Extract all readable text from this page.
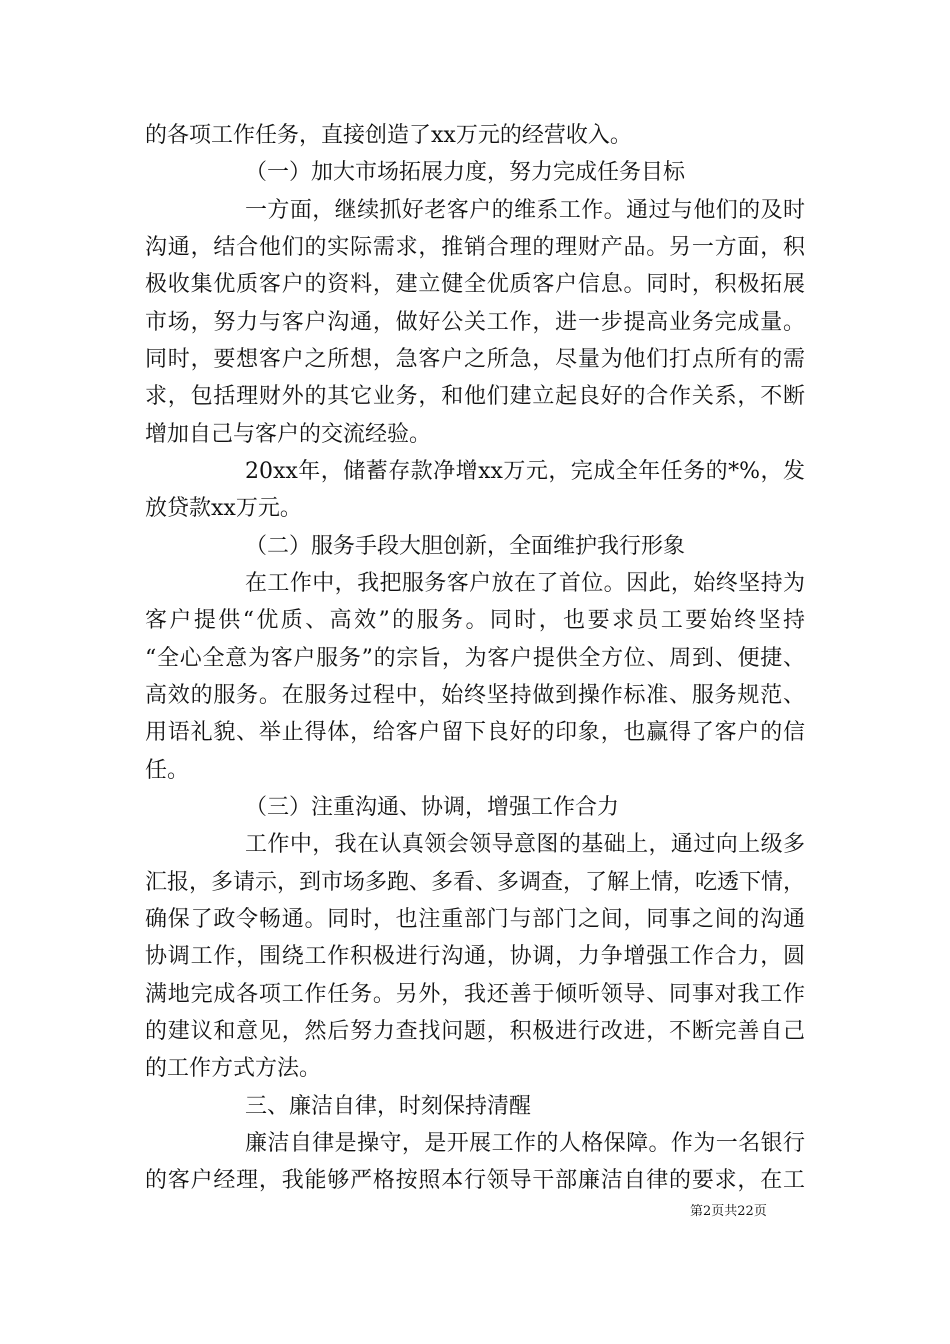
的各项工作任务，直接创造了xx万元的经营收入。
（一）加大市场拓展力度，努力完成任务目标
一方面，继续抓好老客户的维系工作。通过与他们的及时
沟通，结合他们的实际需求，推销合理的理财产品。另一方面，积
极收集优质客户的资料，建立健全优质客户信息。同时，积极拓展
市场，努力与客户沟通，做好公关工作，进一步提高业务完成量。
同时，要想客户之所想，急客户之所急，尽量为他们打点所有的需
求，包括理财外的其它业务，和他们建立起良好的合作关系，不断
增加自己与客户的交流经验。
20xx年，储蓄存款净增xx万元，完成全年任务的*%，发
放贷款xx万元。
（二）服务手段大胆创新，全面维护我行形象
在工作中，我把服务客户放在了首位。因此，始终坚持为
客户提供“优质、高效”的服务。同时，也要求员工要始终坚持
“全心全意为客户服务”的宗旨，为客户提供全方位、周到、便捷、
高效的服务。在服务过程中，始终坚持做到操作标准、服务规范、
用语礼貌、举止得体，给客户留下良好的印象，也赢得了客户的信
任。
（三）注重沟通、协调，增强工作合力
工作中，我在认真领会领导意图的基础上，通过向上级多
汇报，多请示，到市场多跑、多看、多调查，了解上情，吃透下情，
确保了政令畅通。同时，也注重部门与部门之间，同事之间的沟通
协调工作，围绕工作积极进行沟通，协调，力争增强工作合力，圆
满地完成各项工作任务。另外，我还善于倾听领导、同事对我工作
的建议和意见，然后努力查找问题，积极进行改进，不断完善自己
的工作方式方法。
三、廉洁自律，时刻保持清醒
廉洁自律是操守，是开展工作的人格保障。作为一名银行
的客户经理，我能够严格按照本行领导干部廉洁自律的要求，在工
第2页共22页
